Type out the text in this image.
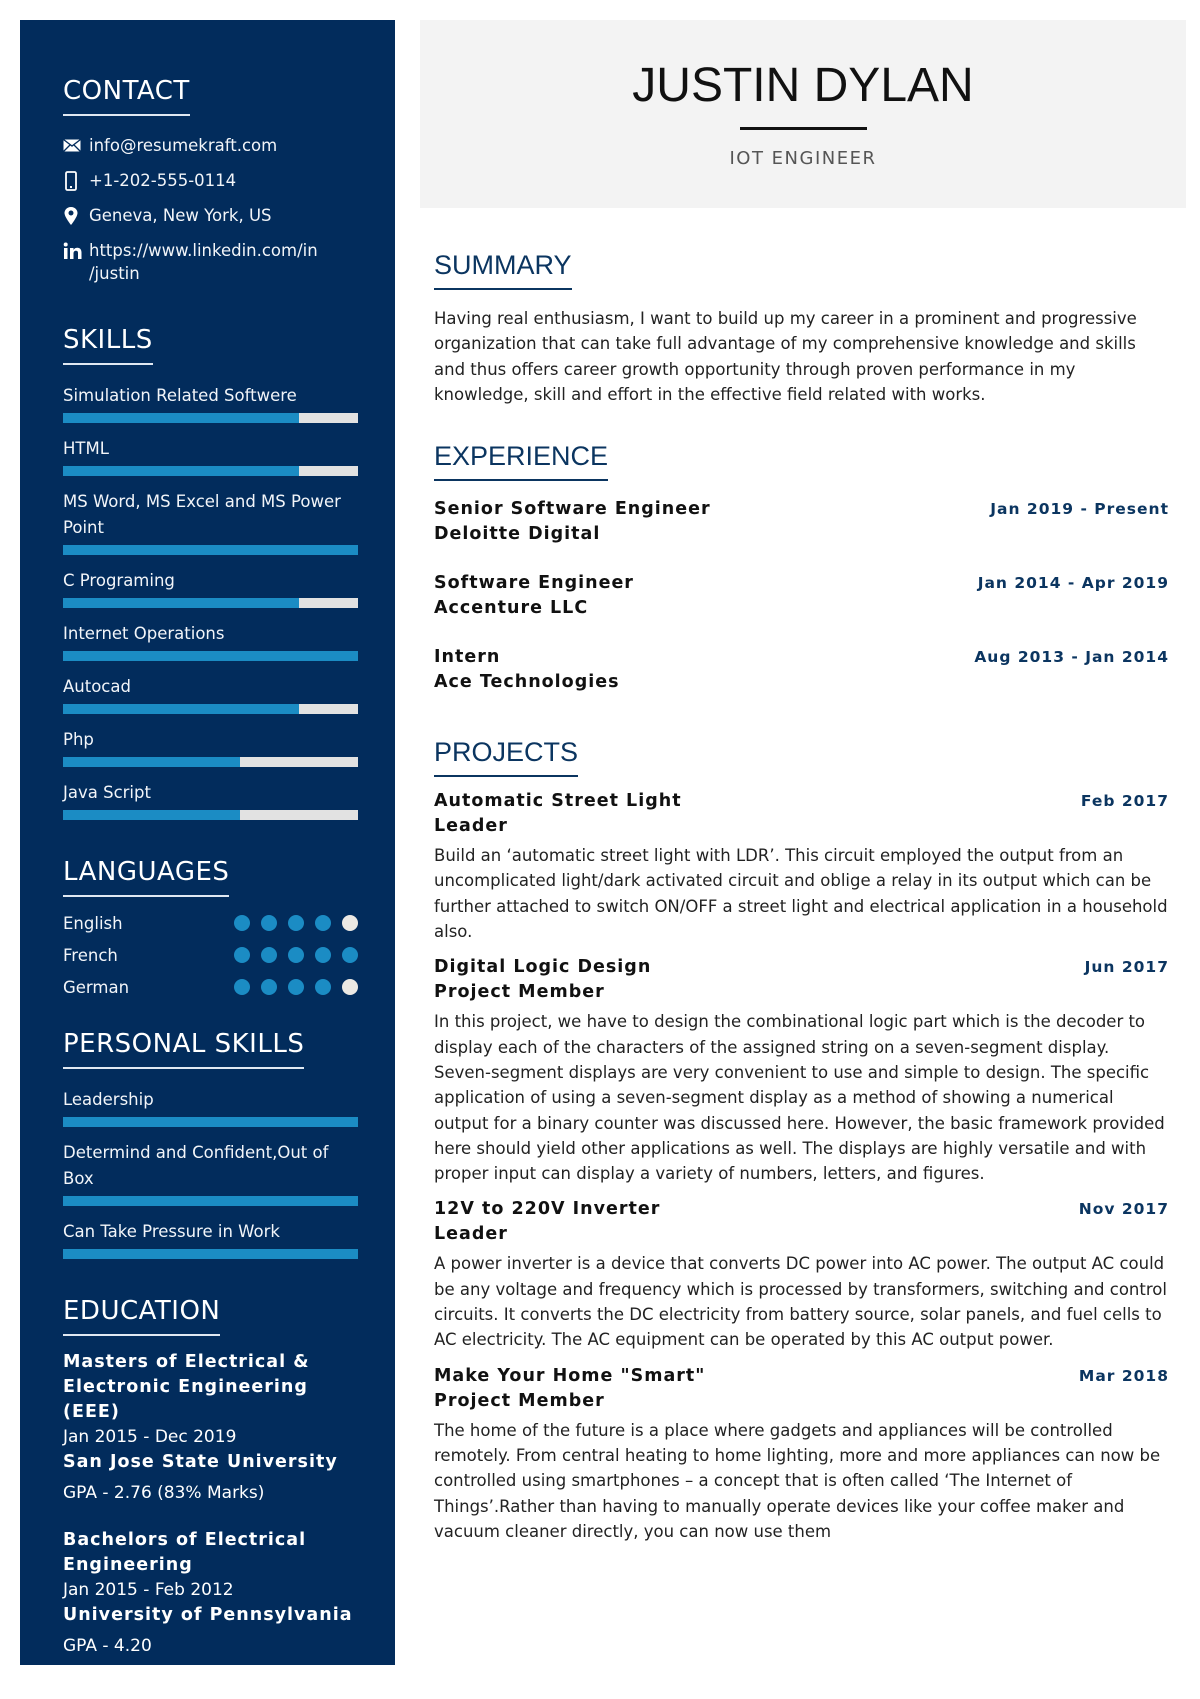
CONTACT
info@resumekraft.com
+1-202-555-0114
Geneva, New York, US
https://www.linkedin.com/in
/justin
SKILLS
Simulation Related Softwere
HTML
MS Word, MS Excel and MS Power Point
C Programing
Internet Operations
Autocad
Php
Java Script
LANGUAGES
English
French
German
PERSONAL SKILLS
Leadership
Determind and Confident,Out of Box
Can Take Pressure in Work
EDUCATION
Masters of Electrical & Electronic Engineering (EEE)
Jan 2015 - Dec 2019
San Jose State University
GPA - 2.76 (83% Marks)
Bachelors of Electrical Engineering
Jan 2015 - Feb 2012
University of Pennsylvania
GPA - 4.20
JUSTIN DYLAN
IOT ENGINEER
SUMMARY
Having real enthusiasm, I want to build up my career in a prominent and progressive organization that can take full advantage of my comprehensive knowledge and skills and thus offers career growth opportunity through proven performance in my knowledge, skill and effort in the effective field related with works.
EXPERIENCE
Senior Software Engineer
Deloitte Digital
Jan 2019 - Present
Software Engineer
Accenture LLC
Jan 2014 - Apr 2019
Intern
Ace Technologies
Aug 2013 - Jan 2014
PROJECTS
Automatic Street Light
Leader
Feb 2017
Build an ‘automatic street light with LDR’. This circuit employed the output from an uncomplicated light/dark activated circuit and oblige a relay in its output which can be further attached to switch ON/OFF a street light and electrical application in a household also.
Digital Logic Design
Project Member
Jun 2017
In this project, we have to design the combinational logic part which is the decoder to display each of the characters of the assigned string on a seven-segment display. Seven-segment displays are very convenient to use and simple to design. The specific application of using a seven-segment display as a method of showing a numerical output for a binary counter was discussed here. However, the basic framework provided here should yield other applications as well. The displays are highly versatile and with proper input can display a variety of numbers, letters, and figures.
12V to 220V Inverter
Leader
Nov 2017
A power inverter is a device that converts DC power into AC power. The output AC could be any voltage and frequency which is processed by transformers, switching and control circuits. It converts the DC electricity from battery source, solar panels, and fuel cells to AC electricity. The AC equipment can be operated by this AC output power.
Make Your Home "Smart"
Project Member
Mar 2018
The home of the future is a place where gadgets and appliances will be controlled remotely. From central heating to home lighting, more and more appliances can now be controlled using smartphones – a concept that is often called ‘The Internet of Things’.Rather than having to manually operate devices like your coffee maker and vacuum cleaner directly, you can now use them
